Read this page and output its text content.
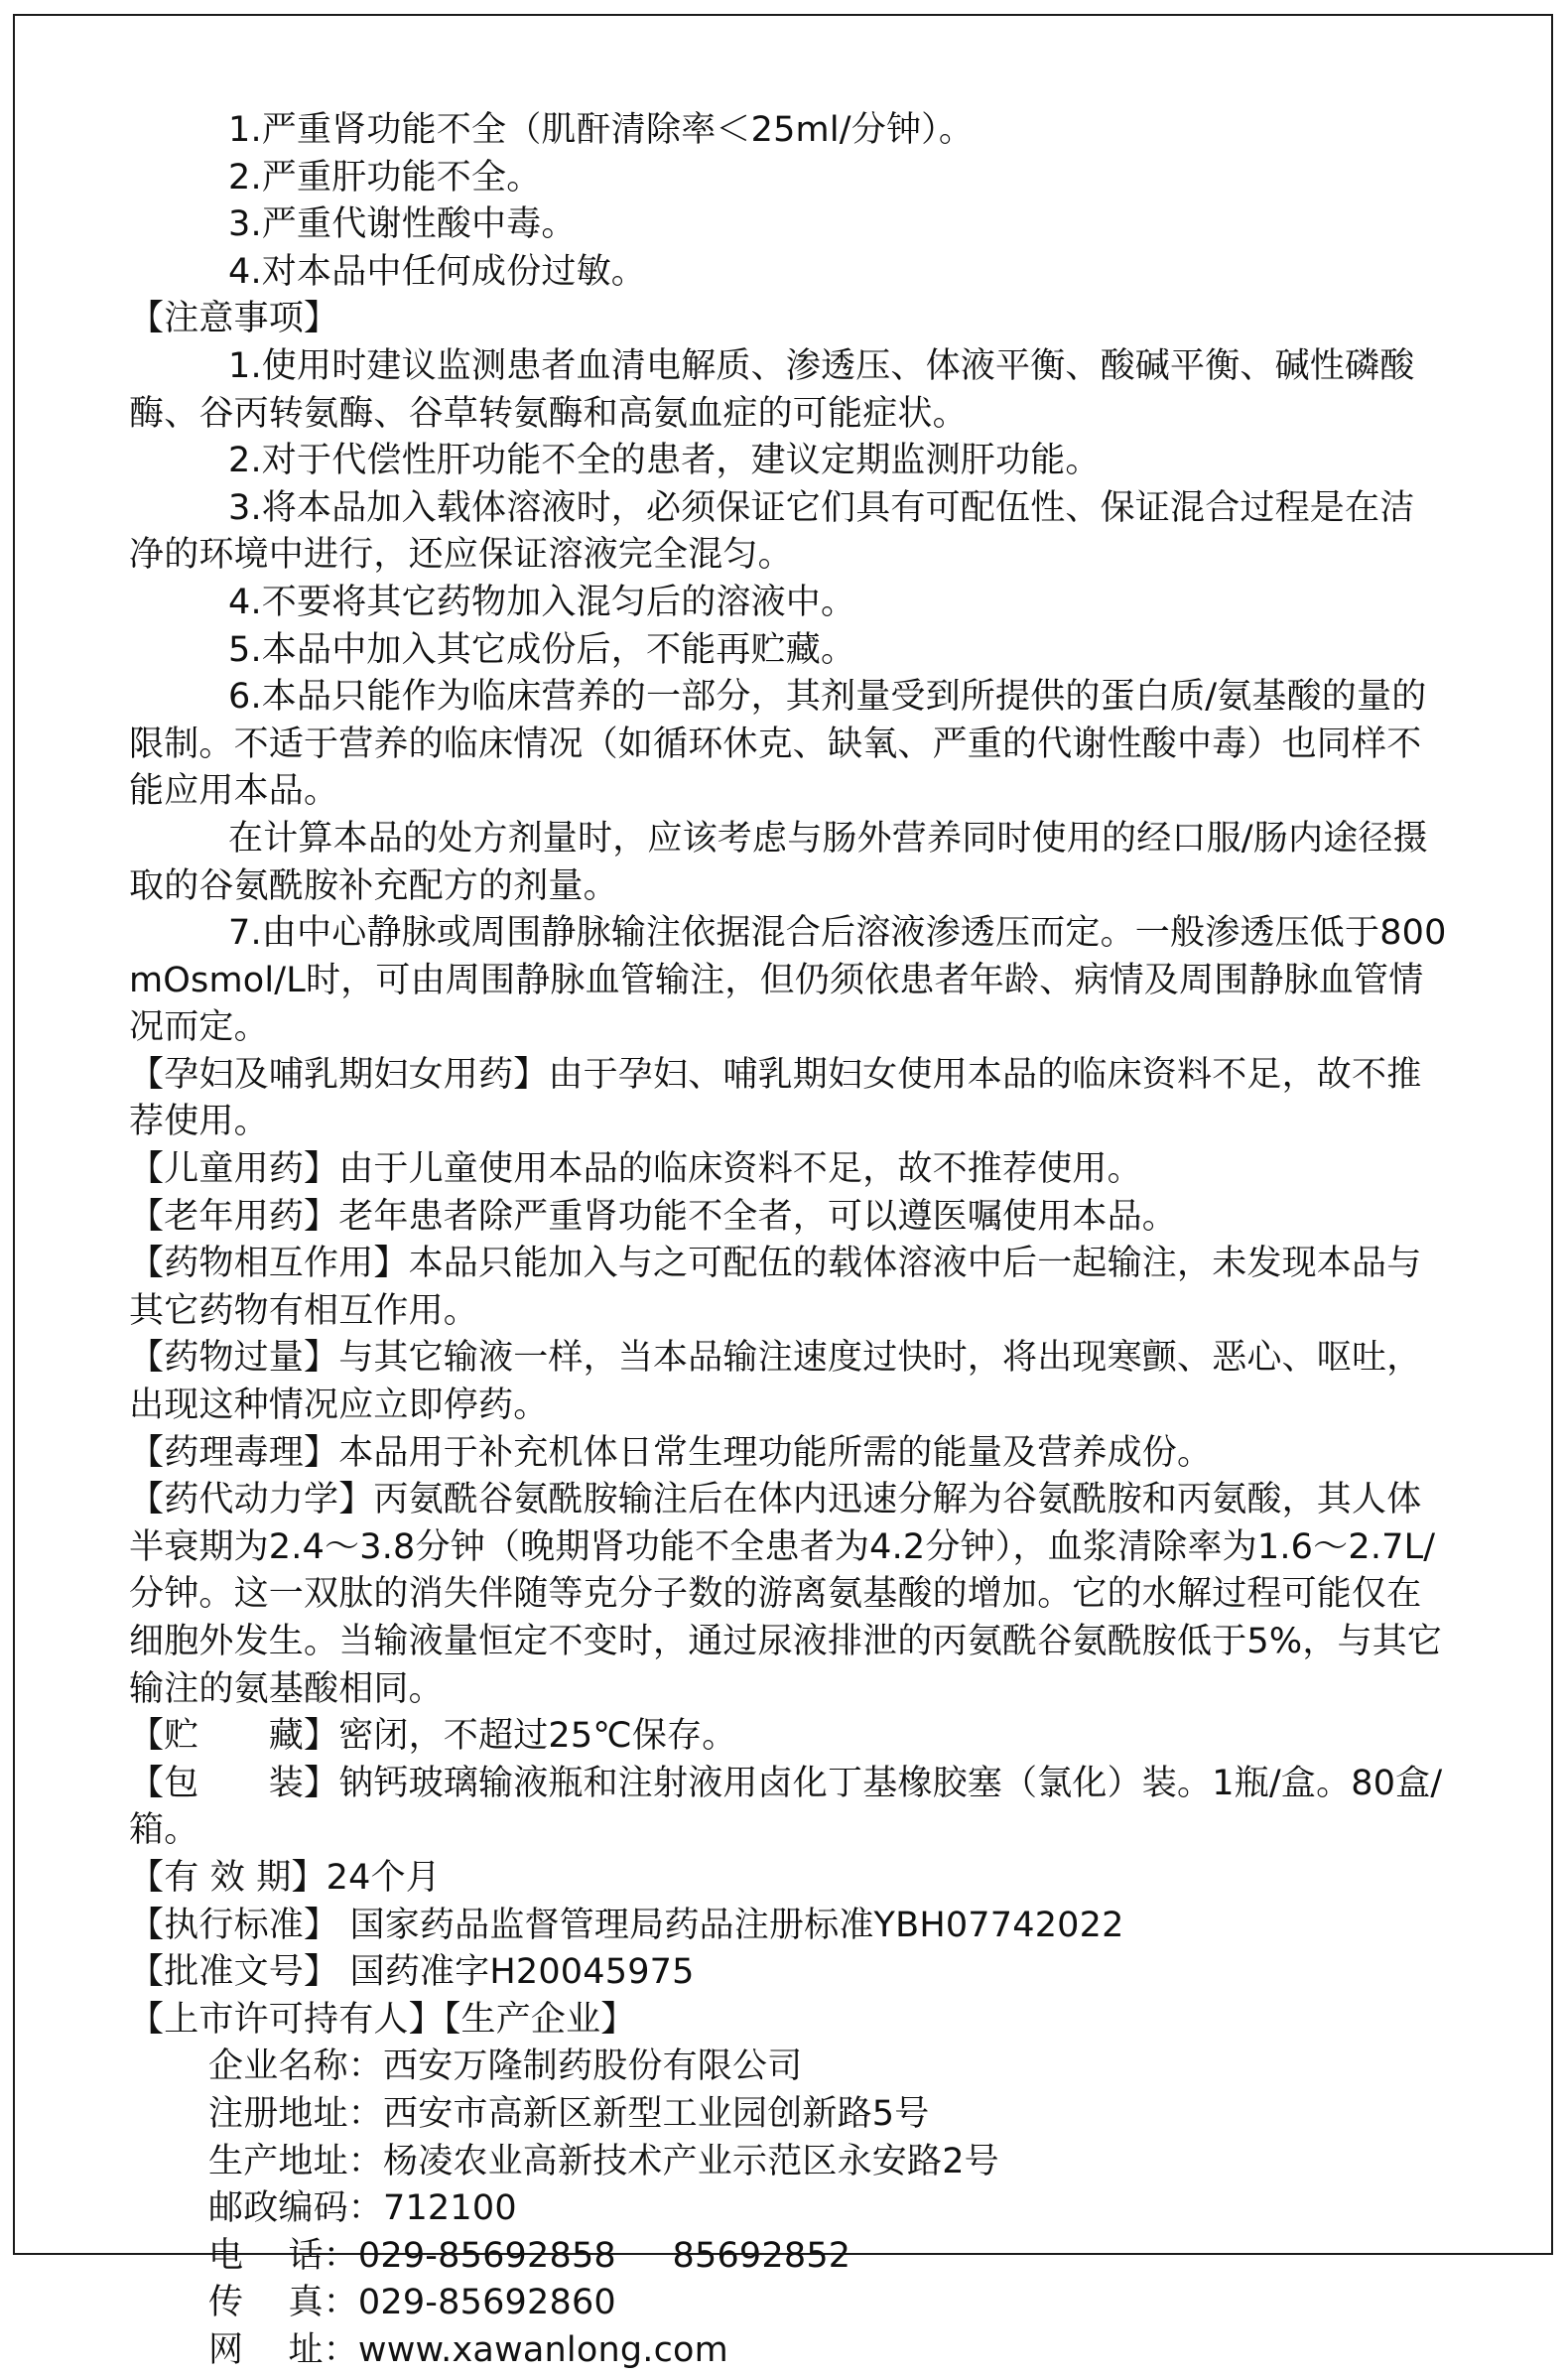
1.严重肾功能不全（肌酐清除率＜25ml/分钟）。

2.严重肝功能不全。

3.严重代谢性酸中毒。

4.对本品中任何成份过敏。

【注意事项】

1.使用时建议监测患者血清电解质、渗透压、体液平衡、酸碱平衡、碱性磷酸酶、谷丙转氨酶、谷草转氨酶和高氨血症的可能症状。

2.对于代偿性肝功能不全的患者，建议定期监测肝功能。

3.将本品加入载体溶液时，必须保证它们具有可配伍性、保证混合过程是在洁净的环境中进行，还应保证溶液完全混匀。

4.不要将其它药物加入混匀后的溶液中。

5.本品中加入其它成份后，不能再贮藏。

6.本品只能作为临床营养的一部分，其剂量受到所提供的蛋白质/氨基酸的量的限制。不适于营养的临床情况（如循环休克、缺氧、严重的代谢性酸中毒）也同样不能应用本品。

在计算本品的处方剂量时，应该考虑与肠外营养同时使用的经口服/肠内途径摄取的谷氨酰胺补充配方的剂量。

7.由中心静脉或周围静脉输注依据混合后溶液渗透压而定。一般渗透压低于800 mOsmol/L时，可由周围静脉血管输注，但仍须依患者年龄、病情及周围静脉血管情况而定。

【孕妇及哺乳期妇女用药】由于孕妇、哺乳期妇女使用本品的临床资料不足，故不推荐使用。

【儿童用药】由于儿童使用本品的临床资料不足，故不推荐使用。

【老年用药】老年患者除严重肾功能不全者，可以遵医嘱使用本品。

【药物相互作用】本品只能加入与之可配伍的载体溶液中后一起输注，未发现本品与其它药物有相互作用。

【药物过量】与其它输液一样，当本品输注速度过快时，将出现寒颤、恶心、呕吐，出现这种情况应立即停药。

【药理毒理】本品用于补充机体日常生理功能所需的能量及营养成份。

【药代动力学】丙氨酰谷氨酰胺输注后在体内迅速分解为谷氨酰胺和丙氨酸，其人体半衰期为2.4～3.8分钟（晚期肾功能不全患者为4.2分钟），血浆清除率为1.6～2.7L/分钟。这一双肽的消失伴随等克分子数的游离氨基酸的增加。它的水解过程可能仅在细胞外发生。当输液量恒定不变时，通过尿液排泄的丙氨酰谷氨酰胺低于5%，与其它输注的氨基酸相同。

【贮　　藏】密闭，不超过25℃保存。

【包　　装】钠钙玻璃输液瓶和注射液用卤化丁基橡胶塞（氯化）装。1瓶/盒。80盒/箱。

【有 效 期】24个月

【执行标准】 国家药品监督管理局药品注册标准YBH07742022

【批准文号】 国药准字H20045975

【上市许可持有人】【生产企业】

企业名称：西安万隆制药股份有限公司
注册地址：西安市高新区新型工业园创新路5号
生产地址：杨凌农业高新技术产业示范区永安路2号
邮政编码：712100
电    话：029-85692858     85692852
传    真：029-85692860
网    址：www.xawanlong.com
